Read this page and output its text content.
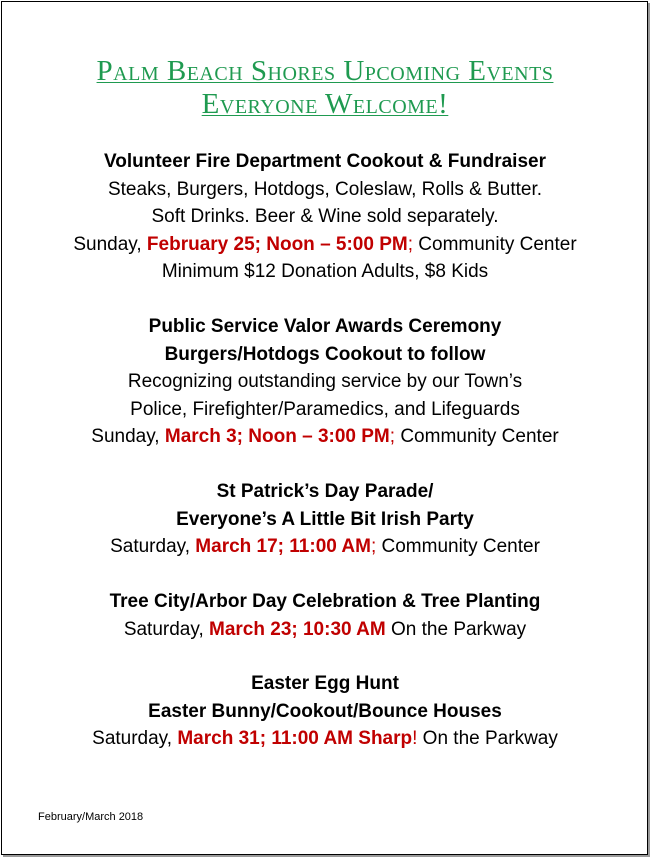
Palm Beach Shores Upcoming Events
Everyone Welcome!
Volunteer Fire Department Cookout & Fundraiser
Steaks, Burgers, Hotdogs, Coleslaw, Rolls & Butter.
Soft Drinks. Beer & Wine sold separately.
Sunday, February 25; Noon – 5:00 PM; Community Center
Minimum $12 Donation Adults, $8 Kids
Public Service Valor Awards Ceremony
Burgers/Hotdogs Cookout to follow
Recognizing outstanding service by our Town’s
Police, Firefighter/Paramedics, and Lifeguards
Sunday, March 3; Noon – 3:00 PM; Community Center
St Patrick’s Day Parade/
Everyone’s A Little Bit Irish Party
Saturday, March 17; 11:00 AM; Community Center
Tree City/Arbor Day Celebration & Tree Planting
Saturday, March 23; 10:30 AM On the Parkway
Easter Egg Hunt
Easter Bunny/Cookout/Bounce Houses
Saturday, March 31; 11:00 AM Sharp! On the Parkway
February/March 2018
